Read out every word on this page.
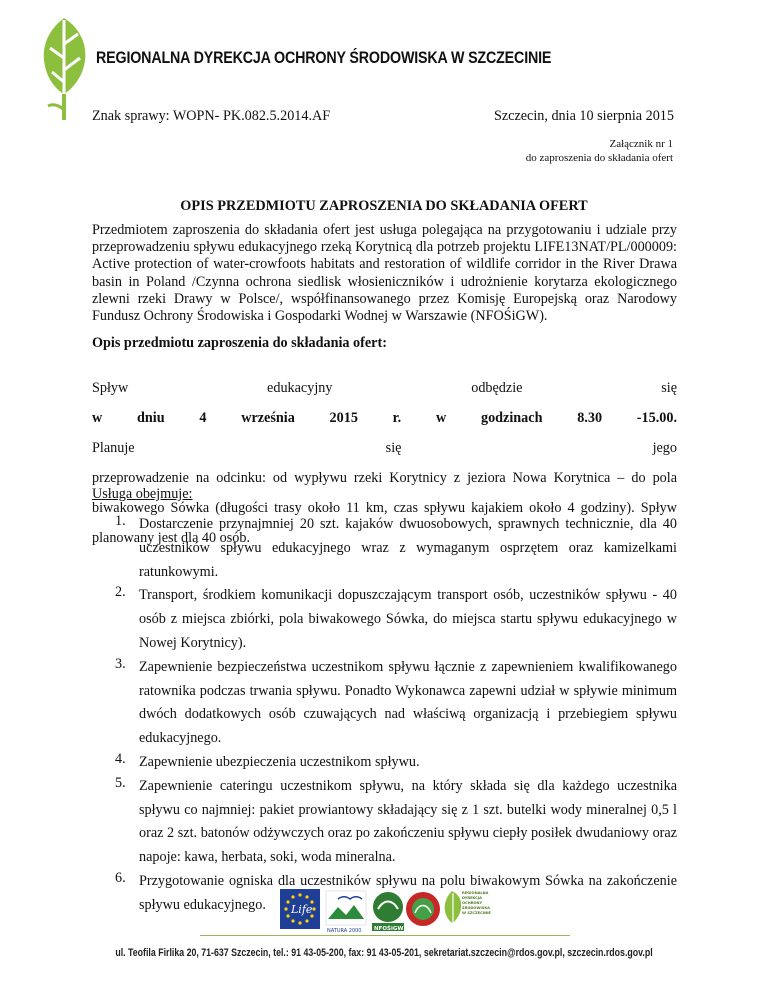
REGIONALNA DYREKCJA OCHRONY ŚRODOWISKA W SZCZECINIE
Znak sprawy: WOPN- PK.082.5.2014.AF	Szczecin, dnia 10 sierpnia 2015
Załącznik nr 1
do zaproszenia do składania ofert
OPIS PRZEDMIOTU ZAPROSZENIA DO SKŁADANIA OFERT
Przedmiotem zaproszenia do składania ofert jest usługa polegająca na przygotowaniu i udziale przy
przeprowadzeniu spływu edukacyjnego rzeką Korytnicą dla potrzeb projektu LIFE13NAT/PL/000009:
Active protection of water-crowfoots habitats and restoration of wildlife corridor in the River Drawa
basin in Poland /Czynna ochrona siedlisk włosieniczników i udrożnienie korytarza ekologicznego
zlewni rzeki Drawy w Polsce/, współfinansowanego przez Komisję Europejską oraz Narodowy
Fundusz Ochrony Środowiska i Gospodarki Wodnej w Warszawie (NFOŚiGW).
Opis przedmiotu zaproszenia do składania ofert:
Spływ edukacyjny odbędzie się
w dniu 4 września 2015 r. w godzinach 8.30 -15.00.
Planuje się jego
przeprowadzenie na odcinku: od wypływu rzeki Korytnicy z jeziora Nowa Korytnica – do pola
biwakowego Sówka (długości trasy około 11 km, czas spływu kajakiem około 4 godziny). Spływ
planowany jest dla 40 osób.
Usługa obejmuje:
1. Dostarczenie przynajmniej 20 szt. kajaków dwuosobowych, sprawnych technicznie, dla 40
uczestników spływu edukacyjnego wraz z wymaganym osprzętem oraz kamizelkami
ratunkowymi.
2. Transport, środkiem komunikacji dopuszczającym transport osób, uczestników spływu - 40
osób z miejsca zbiórki, pola biwakowego Sówka, do miejsca startu spływu edukacyjnego w
Nowej Korytnicy).
3. Zapewnienie bezpieczeństwa uczestnikom spływu łącznie z zapewnieniem kwalifikowanego
ratownika podczas trwania spływu. Ponadto Wykonawca zapewni udział w spływie minimum
dwóch dodatkowych osób czuwających nad właściwą organizacją i przebiegiem spływu
edukacyjnego.
4. Zapewnienie ubezpieczenia uczestnikom spływu.
5. Zapewnienie cateringu uczestnikom spływu, na który składa się dla każdego uczestnika
spływu co najmniej: pakiet prowiantowy składający się z 1 szt. butelki wody mineralnej 0,5 l
oraz 2 szt. batonów odżywczych oraz po zakończeniu spływu ciepły posiłek dwudaniowy oraz
napoje: kawa, herbata, soki, woda mineralna.
6. Przygotowanie ogniska dla uczestników spływu na polu biwakowym Sówka na zakończenie
spływu edukacyjnego.	Life
NATURA 2000 NFOŚiGW
REGIONALNA
DYREKCJA
OCHRONY
ŚRODOWISKA
W SZCZECINIE
ul. Teofila Firlika 20, 71-637 Szczecin, tel.: 91 43-05-200, fax: 91 43-05-201, sekretariat.szczecin@rdos.gov.pl, szczecin.rdos.gov.pl
